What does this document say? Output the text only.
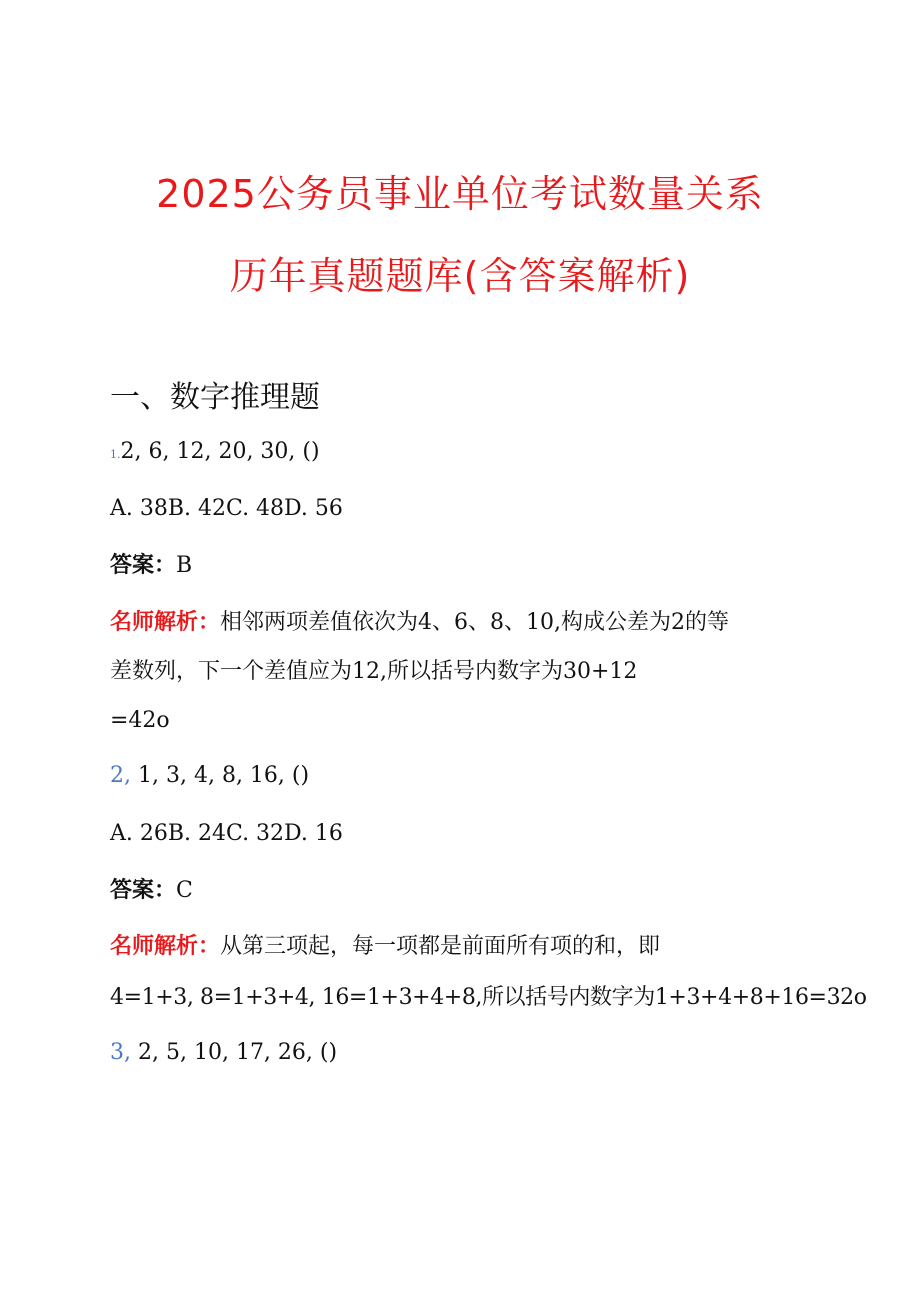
2025公务员事业单位考试数量关系
历年真题题库(含答案解析)
一、数字推理题
1.2, 6, 12, 20, 30, ()
A. 38B. 42C. 48D. 56
答案：B
名师解析：相邻两项差值依次为4、6、8、10,构成公差为2的等
差数列，下一个差值应为12,所以括号内数字为30+12
=42o
2, 1, 3, 4, 8, 16, ()
A. 26B. 24C. 32D. 16
答案：C
名师解析：从第三项起，每一项都是前面所有项的和，即
4=1+3, 8=1+3+4, 16=1+3+4+8,所以括号内数字为1+3+4+8+16=32o
3, 2, 5, 10, 17, 26, ()
